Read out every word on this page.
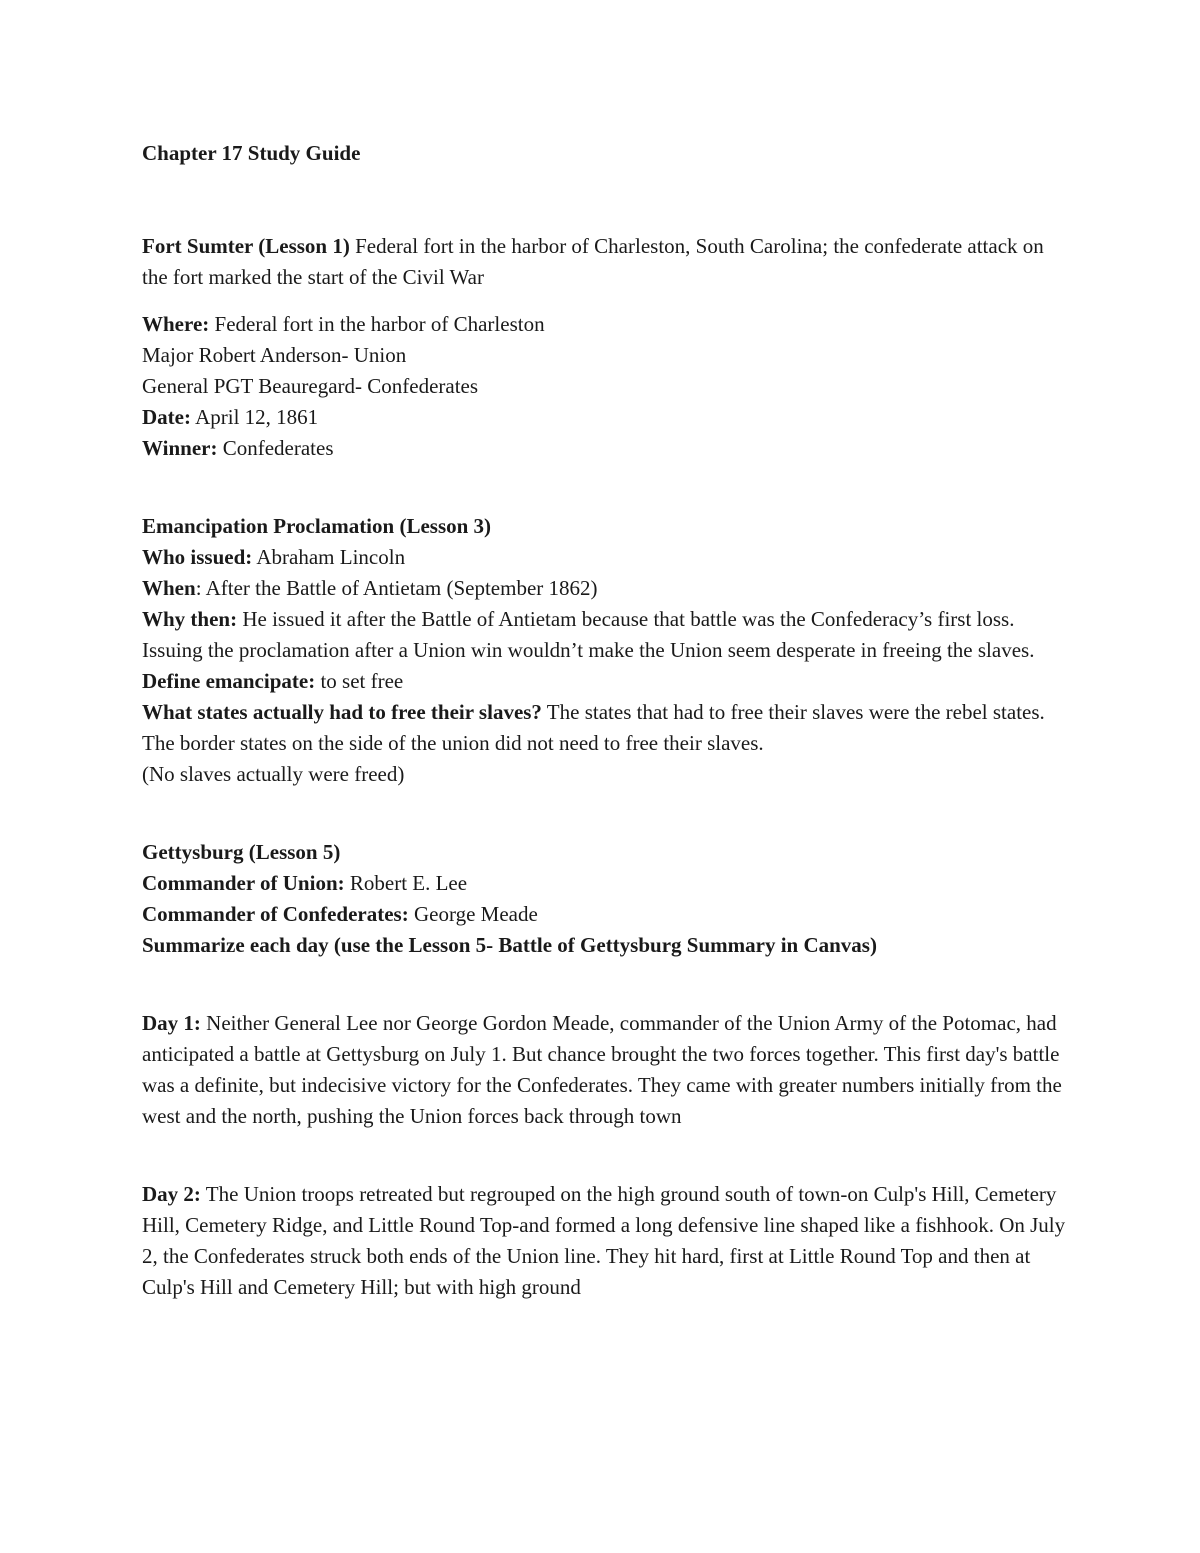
Chapter 17 Study Guide

Fort Sumter (Lesson 1) Federal fort in the harbor of Charleston, South Carolina; the confederate attack on the fort marked the start of the Civil War

Where: Federal fort in the harbor of Charleston

Major Robert Anderson- Union

General PGT Beauregard- Confederates

Date: April 12, 1861

Winner: Confederates

Emancipation Proclamation (Lesson 3)

Who issued: Abraham Lincoln

When: After the Battle of Antietam (September 1862)

Why then: He issued it after the Battle of Antietam because that battle was the Confederacy’s first loss. Issuing the proclamation after a Union win wouldn’t make the Union seem desperate in freeing the slaves.

Define emancipate: to set free

What states actually had to free their slaves? The states that had to free their slaves were the rebel states. The border states on the side of the union did not need to free their slaves.

(No slaves actually were freed)

Gettysburg (Lesson 5)

Commander of Union: Robert E. Lee

Commander of Confederates: George Meade

Summarize each day (use the Lesson 5- Battle of Gettysburg Summary in Canvas)

Day 1: Neither General Lee nor George Gordon Meade, commander of the Union Army of the Potomac, had anticipated a battle at Gettysburg on July 1. But chance brought the two forces together. This first day's battle was a definite, but indecisive victory for the Confederates. They came with greater numbers initially from the west and the north, pushing the Union forces back through town

Day 2: The Union troops retreated but regrouped on the high ground south of town-on Culp's Hill, Cemetery Hill, Cemetery Ridge, and Little Round Top-and formed a long defensive line shaped like a fishhook. On July 2, the Confederates struck both ends of the Union line. They hit hard, first at Little Round Top and then at Culp's Hill and Cemetery Hill; but with high ground
